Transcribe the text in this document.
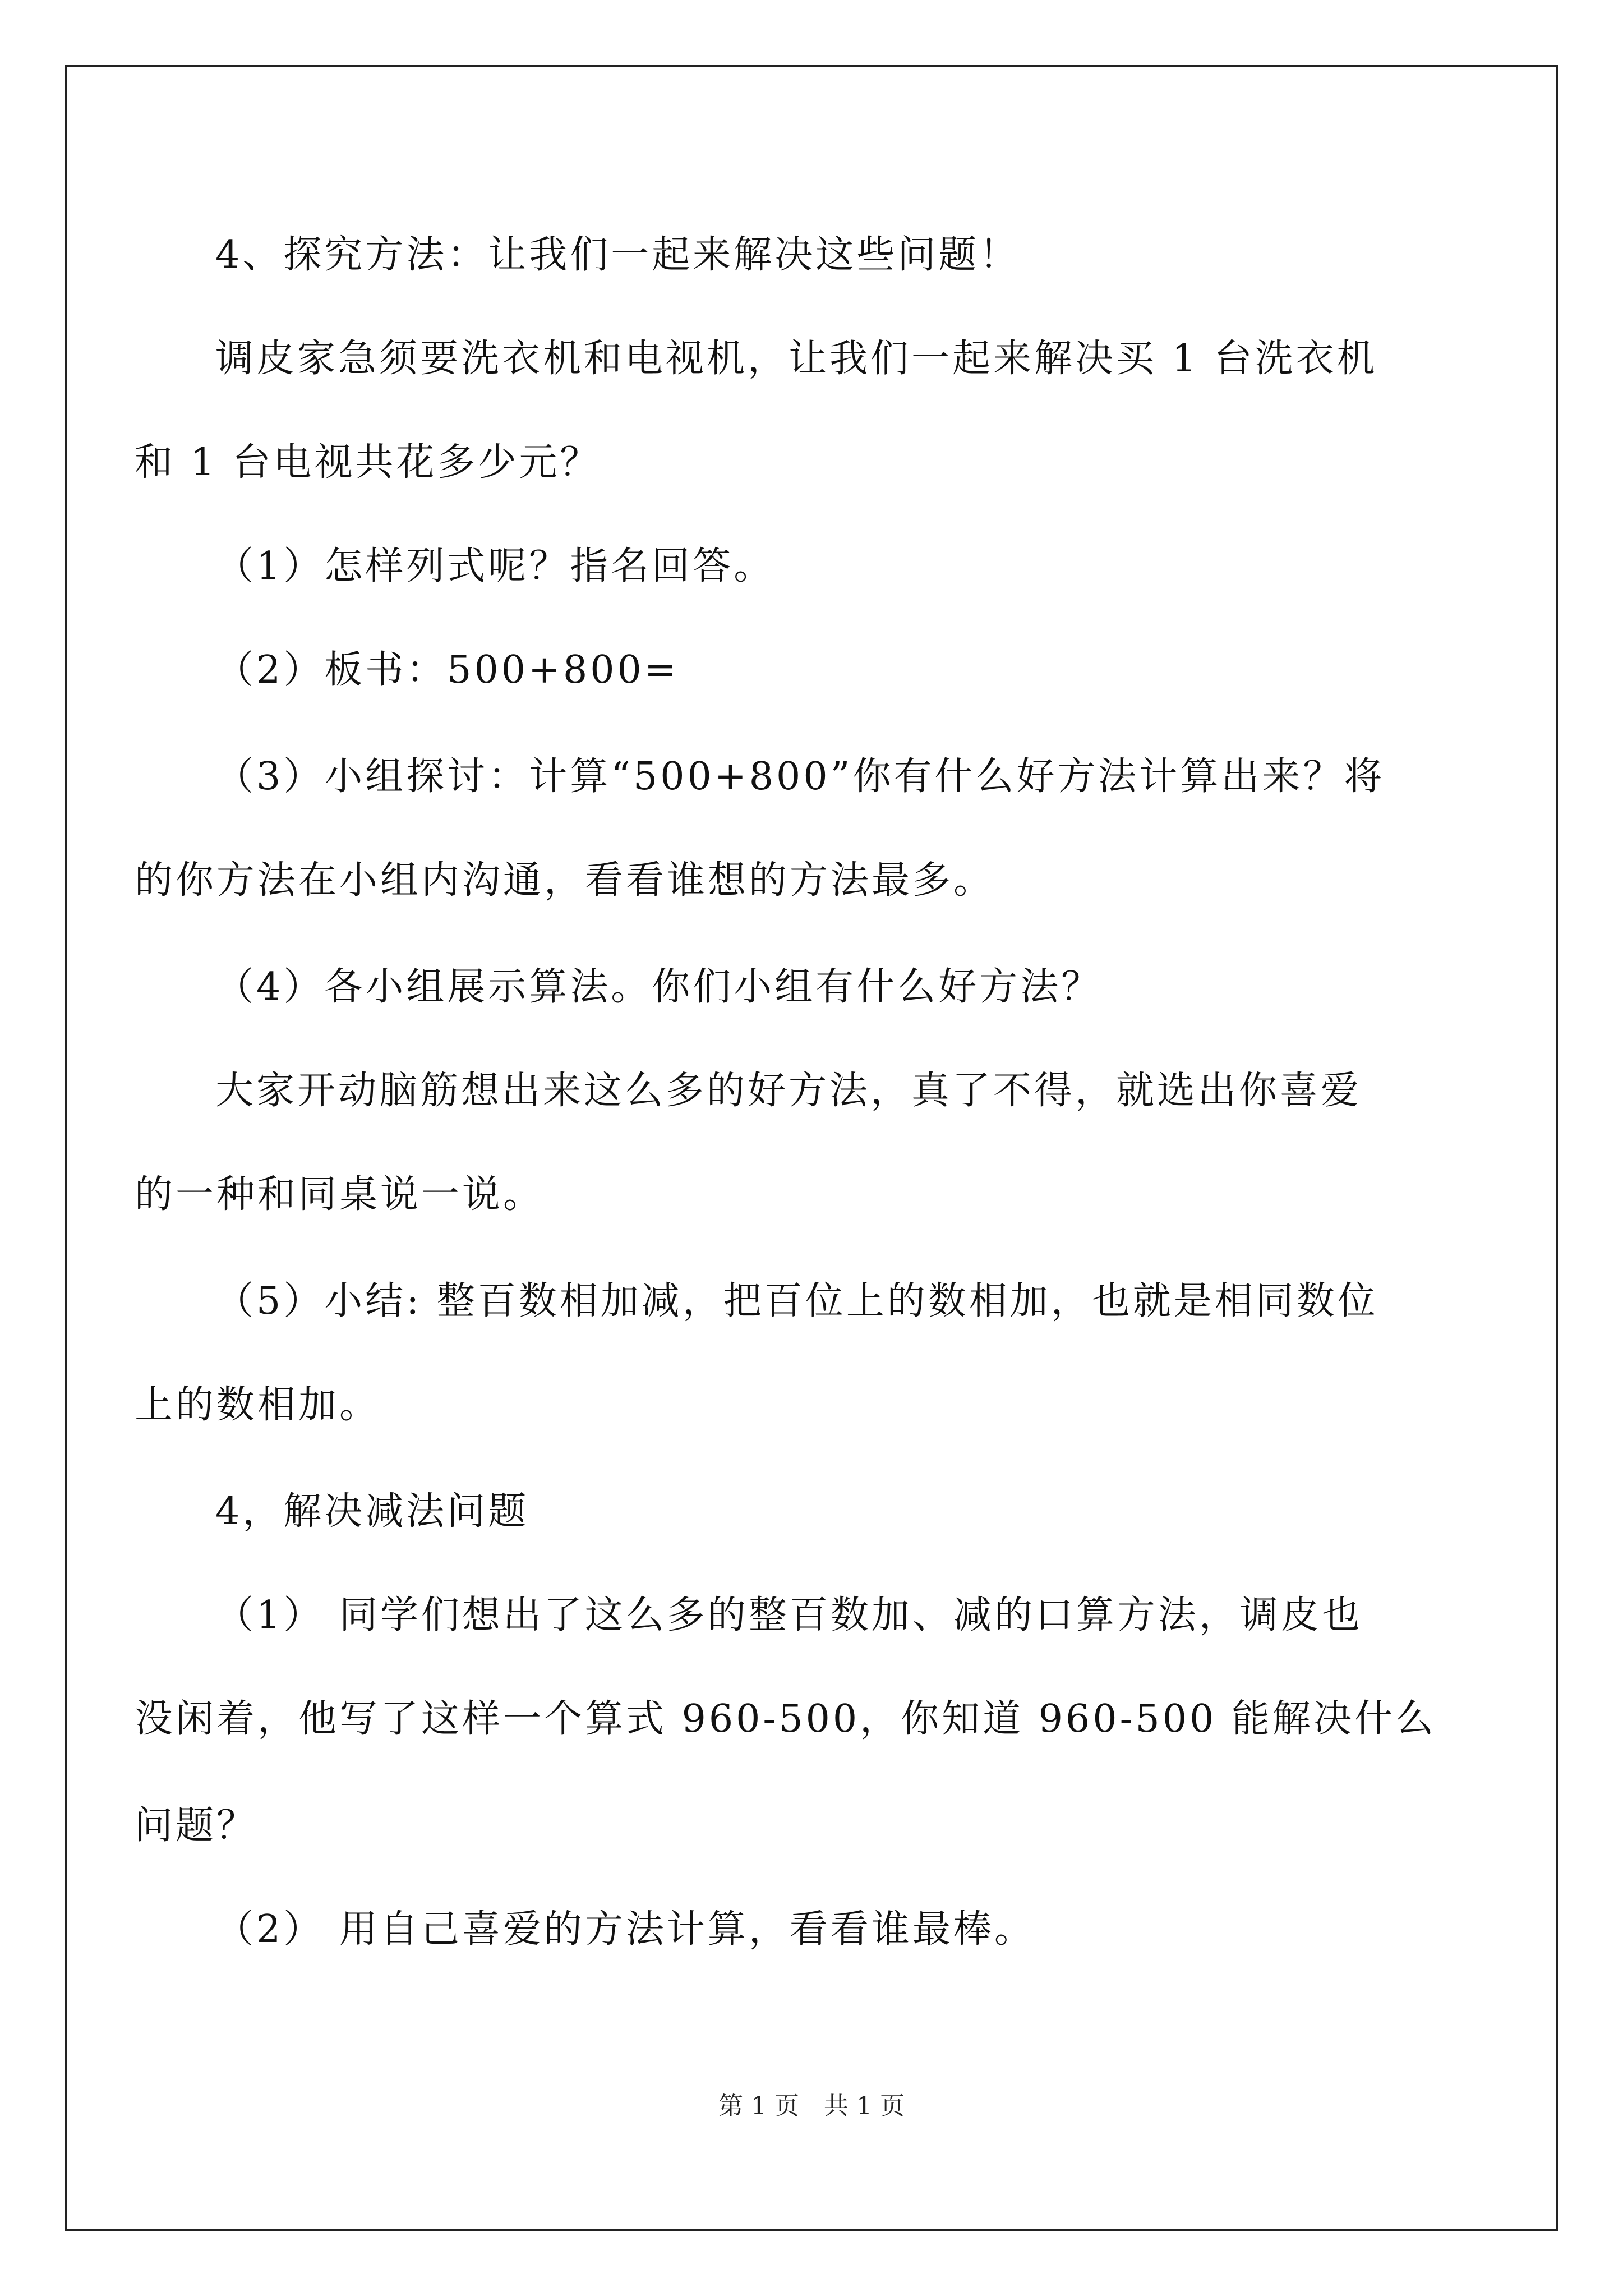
4、探究方法：让我们一起来解决这些问题！
调皮家急须要洗衣机和电视机，让我们一起来解决买 1 台洗衣机
和 1 台电视共花多少元？
（1）怎样列式呢？指名回答。
（2）板书：500+800=
（3）小组探讨：计算“500+800”你有什么好方法计算出来？将
的你方法在小组内沟通，看看谁想的方法最多。
（4）各小组展示算法。你们小组有什么好方法？
大家开动脑筋想出来这么多的好方法，真了不得，就选出你喜爱
的一种和同桌说一说。
（5）小结: 整百数相加减，把百位上的数相加，也就是相同数位
上的数相加。
4，解决减法问题
（1） 同学们想出了这么多的整百数加、减的口算方法，调皮也
没闲着，他写了这样一个算式 960-500，你知道 960-500 能解决什么
问题？
（2） 用自己喜爱的方法计算，看看谁最棒。
第 1 页　共 1 页
